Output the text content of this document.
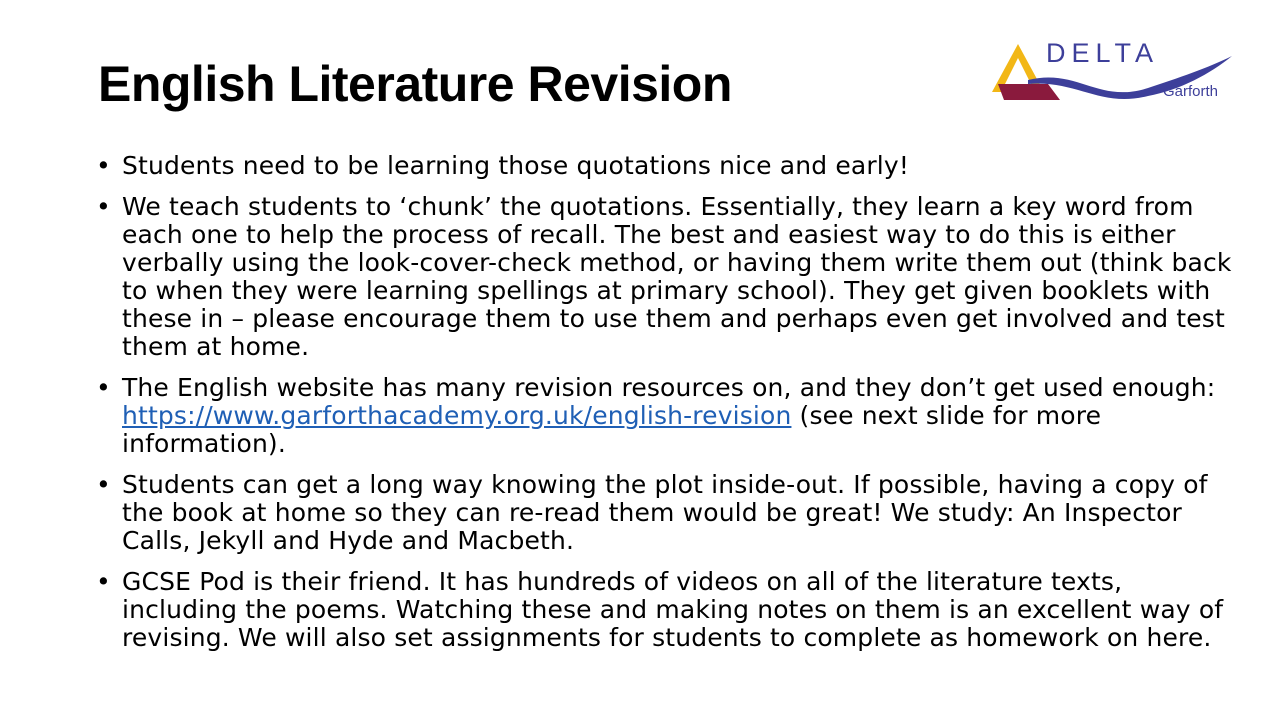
English Literature Revision
DELTA
Garforth
• Students need to be learning those quotations nice and early!
• We teach students to ‘chunk’ the quotations. Essentially, they learn a key word from each one to help the process of recall. The best and easiest way to do this is either verbally using the look-cover-check method, or having them write them out (think back to when they were learning spellings at primary school). They get given booklets with these in – please encourage them to use them and perhaps even get involved and test them at home.
• The English website has many revision resources on, and they don’t get used enough: https://www.garforthacademy.org.uk/english-revision (see next slide for more information).
• Students can get a long way knowing the plot inside-out. If possible, having a copy of the book at home so they can re-read them would be great! We study: An Inspector Calls, Jekyll and Hyde and Macbeth.
• GCSE Pod is their friend. It has hundreds of videos on all of the literature texts, including the poems. Watching these and making notes on them is an excellent way of revising. We will also set assignments for students to complete as homework on here.
